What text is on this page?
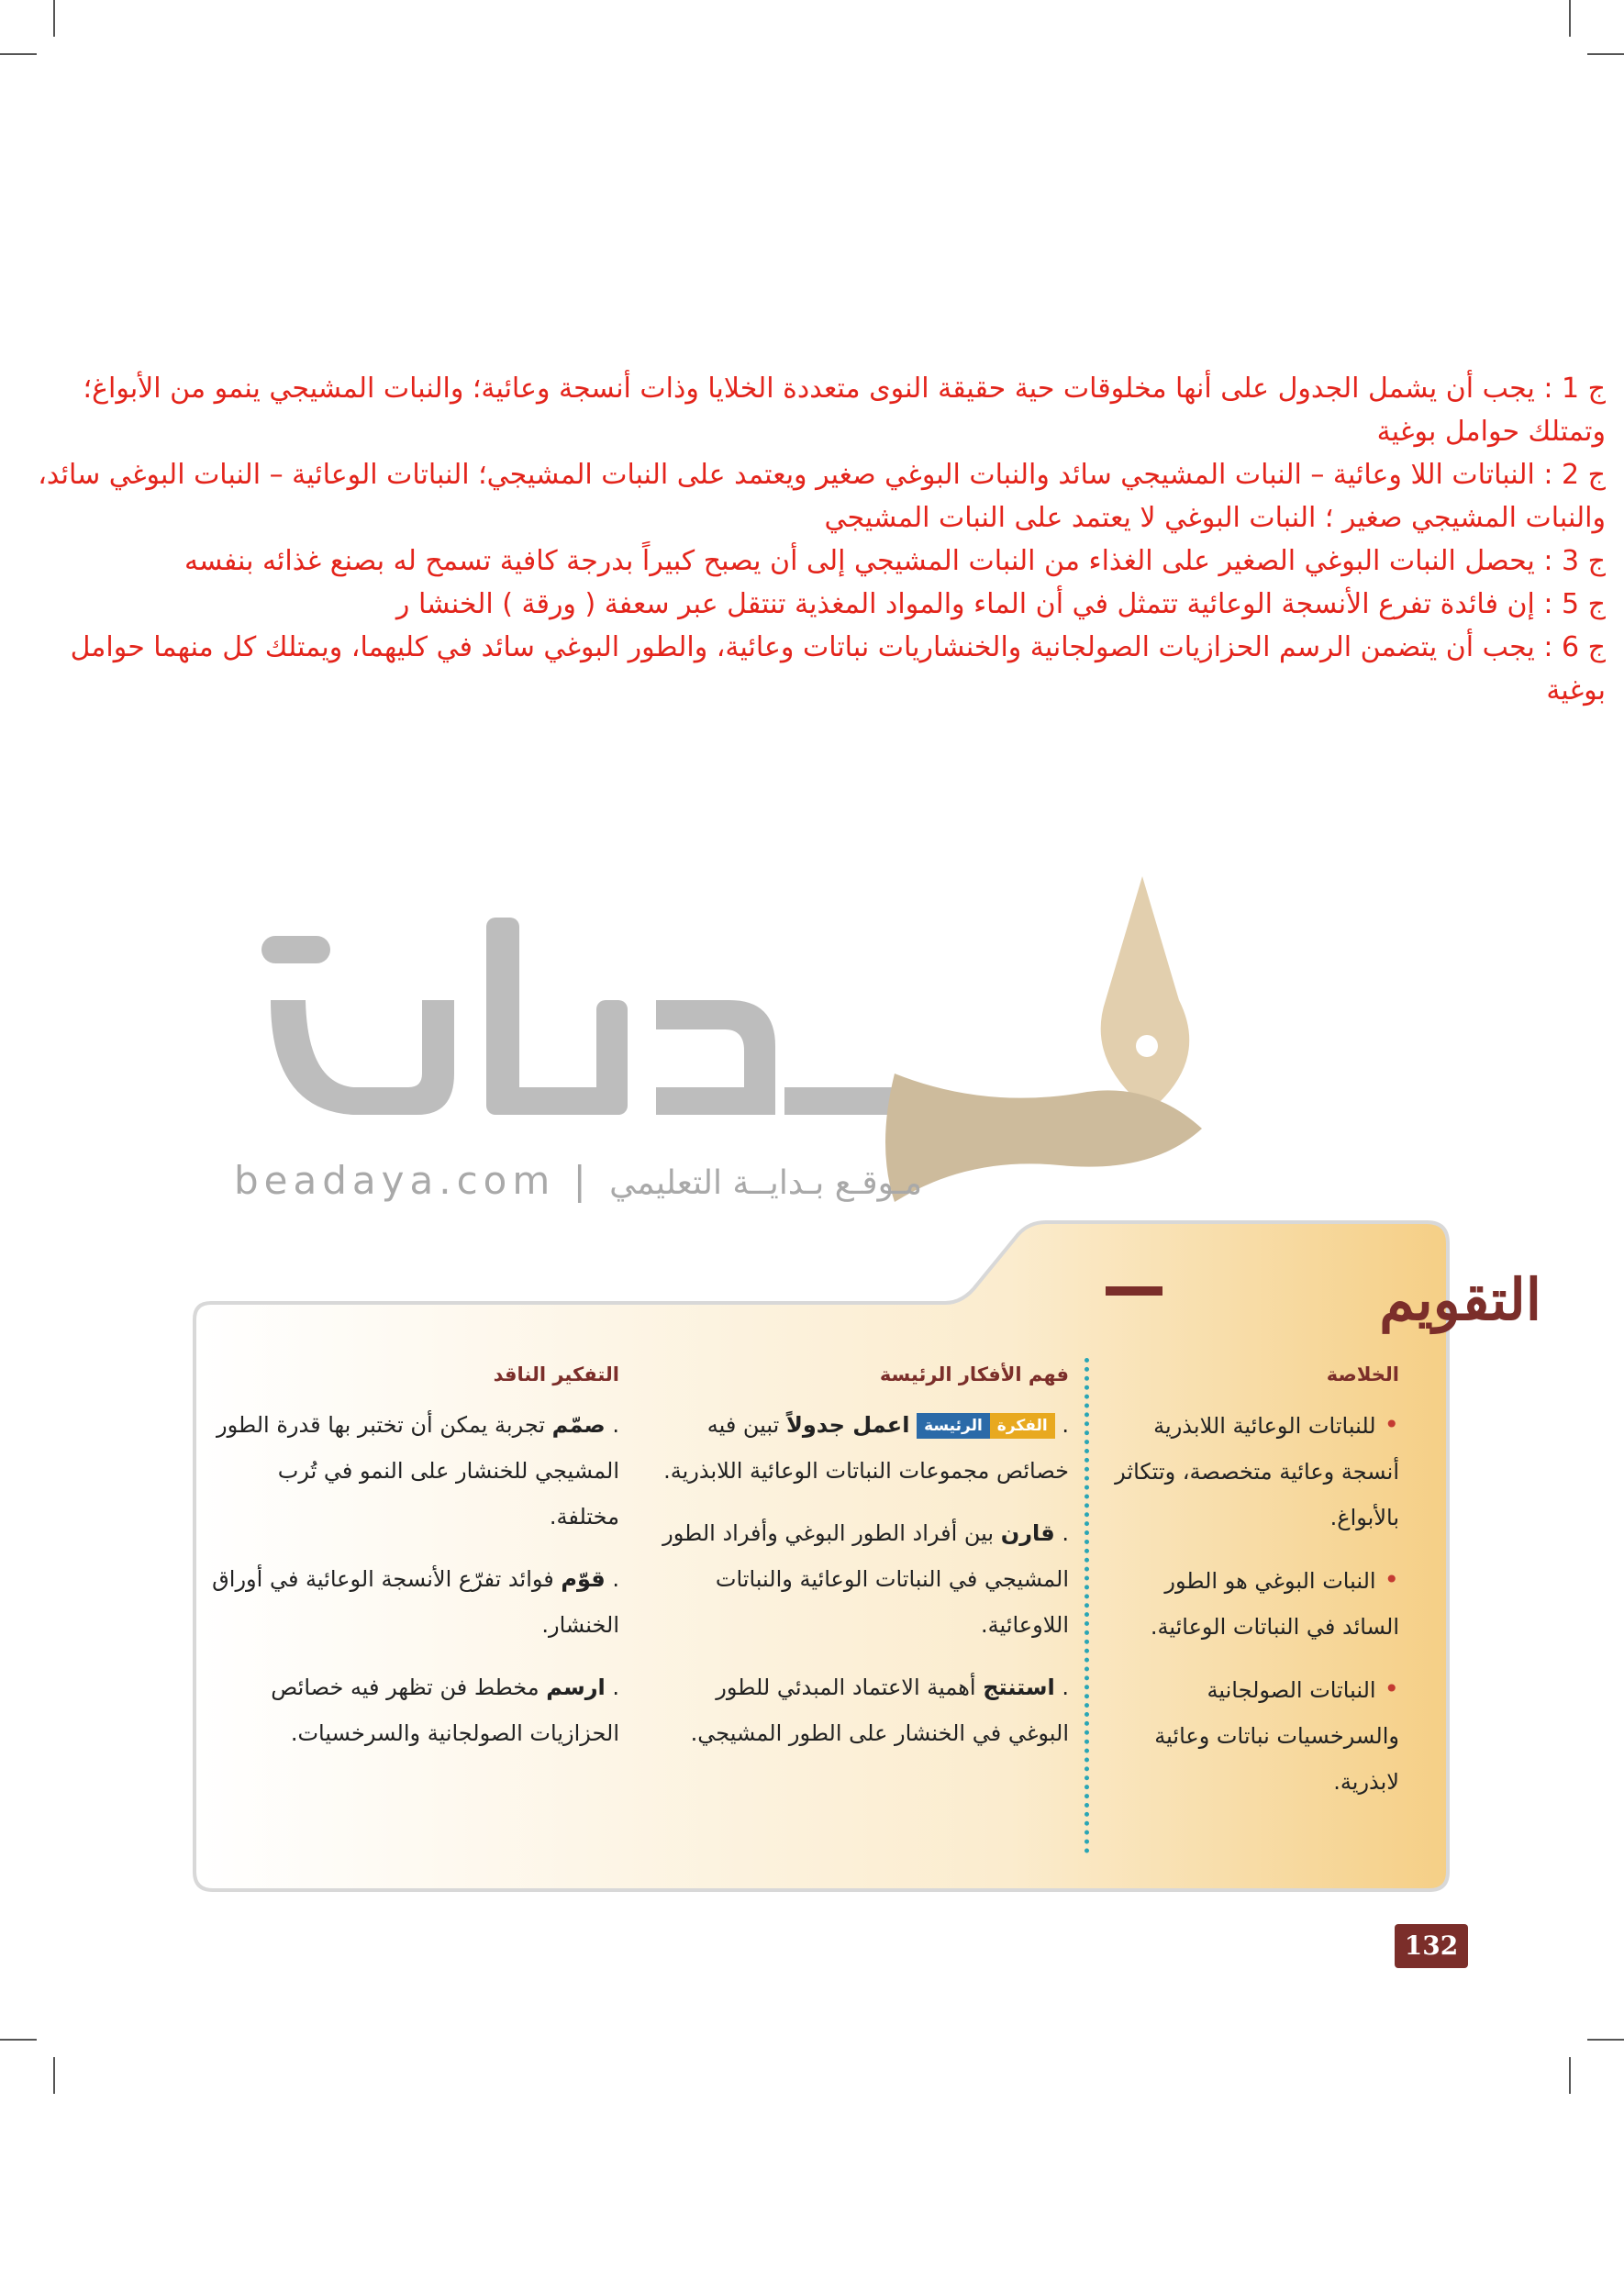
ج 1 : يجب أن يشمل الجدول على أنها مخلوقات حية حقيقة النوى متعددة الخلايا وذات أنسجة وعائية؛ والنبات المشيجي ينمو من الأبواغ؛ وتمتلك حوامل بوغية

ج 2 : النباتات اللا وعائية – النبات المشيجي سائد والنبات البوغي صغير ويعتمد على النبات المشيجي؛ النباتات الوعائية – النبات البوغي سائد، والنبات المشيجي صغير ؛ النبات البوغي لا يعتمد على النبات المشيجي

ج 3 : يحصل النبات البوغي الصغير على الغذاء من النبات المشيجي إلى أن يصبح كبيراً بدرجة كافية تسمح له بصنع غذائه بنفسه

ج 5 : إن فائدة تفرع الأنسجة الوعائية تتمثل في أن الماء والمواد المغذية تنتقل عبر سعفة ( ورقة ) الخنشا ر

ج 6 : يجب أن يتضمن الرسم الحزازيات الصولجانية والخنشاريات نباتات وعائية، والطور البوغي سائد في كليهما، ويمتلك كل منهما حوامل بوغية

beadaya.com | مـوقـع بـدايــة التعليمي
التقويم
الخلاصة
• للنباتات الوعائية اللابذرية أنسجة وعائية متخصصة، وتتكاثر بالأبواغ.
• النبات البوغي هو الطور السائد في النباتات الوعائية.
• النباتات الصولجانية والسرخسيات نباتات وعائية لابذرية.
فهم الأفكار الرئيسة
. الفكرةالرئيسة اعمل جدولاً تبين فيه خصائص مجموعات النباتات الوعائية اللابذرية.
. قارن بين أفراد الطور البوغي وأفراد الطور المشيجي في النباتات الوعائية والنباتات اللاوعائية.
. استنتج أهمية الاعتماد المبدئي للطور البوغي في الخنشار على الطور المشيجي.
التفكير الناقد
. صمّم تجربة يمكن أن تختبر بها قدرة الطور المشيجي للخنشار على النمو في تُرب مختلفة.
. قوّم فوائد تفرّع الأنسجة الوعائية في أوراق الخنشار.
. ارسم مخطط فن تظهر فيه خصائص الحزازيات الصولجانية والسرخسيات.
132
